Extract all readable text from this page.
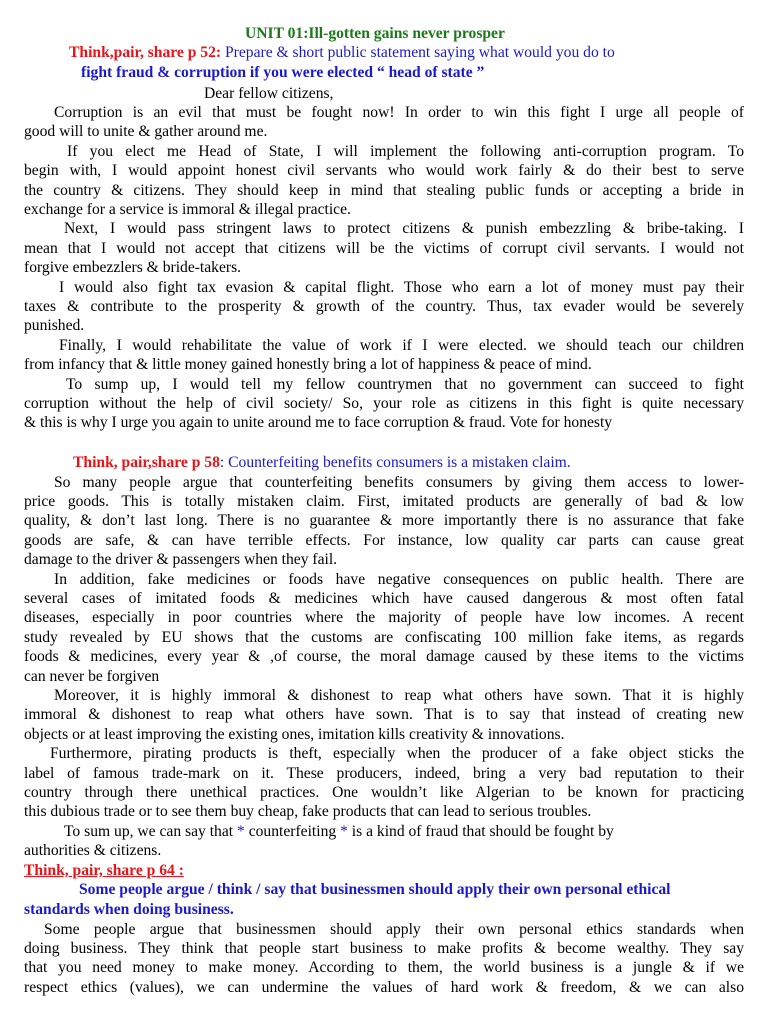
UNIT 01:Ill-gotten gains never prosper
Think,pair, share p 52: Prepare & short public statement saying what would you do to
fight fraud & corruption if you were elected “ head of state ”
Dear fellow citizens,
Corruption is an evil that must be fought now! In order to win this fight I urge all people of
good will to unite & gather around me.
If you elect me Head of State, I will implement the following anti-corruption program. To
begin with, I would appoint honest civil servants who would work fairly & do their best to serve
the country & citizens. They should keep in mind that stealing public funds or accepting a bride in
exchange for a service is immoral & illegal practice.
Next, I would pass stringent laws to protect citizens & punish embezzling & bribe-taking. I
mean that I would not accept that citizens will be the victims of corrupt civil servants. I would not
forgive embezzlers & bride-takers.
I would also fight tax evasion & capital flight. Those who earn a lot of money must pay their
taxes & contribute to the prosperity & growth of the country. Thus, tax evader would be severely
punished.
Finally, I would rehabilitate the value of work if I were elected. we should teach our children
from infancy that & little money gained honestly bring a lot of happiness & peace of mind.
To sump up, I would tell my fellow countrymen that no government can succeed to fight
corruption without the help of civil society/ So, your role as citizens in this fight is quite necessary
& this is why I urge you again to unite around me to face corruption & fraud. Vote for honesty
Think, pair,share p 58: Counterfeiting benefits consumers is a mistaken claim.
So many people argue that counterfeiting benefits consumers by giving them access to lower-
price goods. This is totally mistaken claim. First, imitated products are generally of bad & low
quality, & don’t last long. There is no guarantee & more importantly there is no assurance that fake
goods are safe, & can have terrible effects. For instance, low quality car parts can cause great
damage to the driver & passengers when they fail.
In addition, fake medicines or foods have negative consequences on public health. There are
several cases of imitated foods & medicines which have caused dangerous & most often fatal
diseases, especially in poor countries where the majority of people have low incomes. A recent
study revealed by EU shows that the customs are confiscating 100 million fake items, as regards
foods & medicines, every year & ,of course, the moral damage caused by these items to the victims
can never be forgiven
Moreover, it is highly immoral & dishonest to reap what others have sown. That it is highly
immoral & dishonest to reap what others have sown. That is to say that instead of creating new
objects or at least improving the existing ones, imitation kills creativity & innovations.
Furthermore, pirating products is theft, especially when the producer of a fake object sticks the
label of famous trade-mark on it. These producers, indeed, bring a very bad reputation to their
country through there unethical practices. One wouldn’t like Algerian to be known for practicing
this dubious trade or to see them buy cheap, fake products that can lead to serious troubles.
To sum up, we can say that * counterfeiting * is a kind of fraud that should be fought by
authorities & citizens.
Think, pair, share p 64 :
Some people argue / think / say that businessmen should apply their own personal ethical
standards when doing business.
Some people argue that businessmen should apply their own personal ethics standards when
doing business. They think that people start business to make profits & become wealthy. They say
that you need money to make money. According to them, the world business is a jungle & if we
respect ethics (values), we can undermine the values of hard work & freedom, & we can also
